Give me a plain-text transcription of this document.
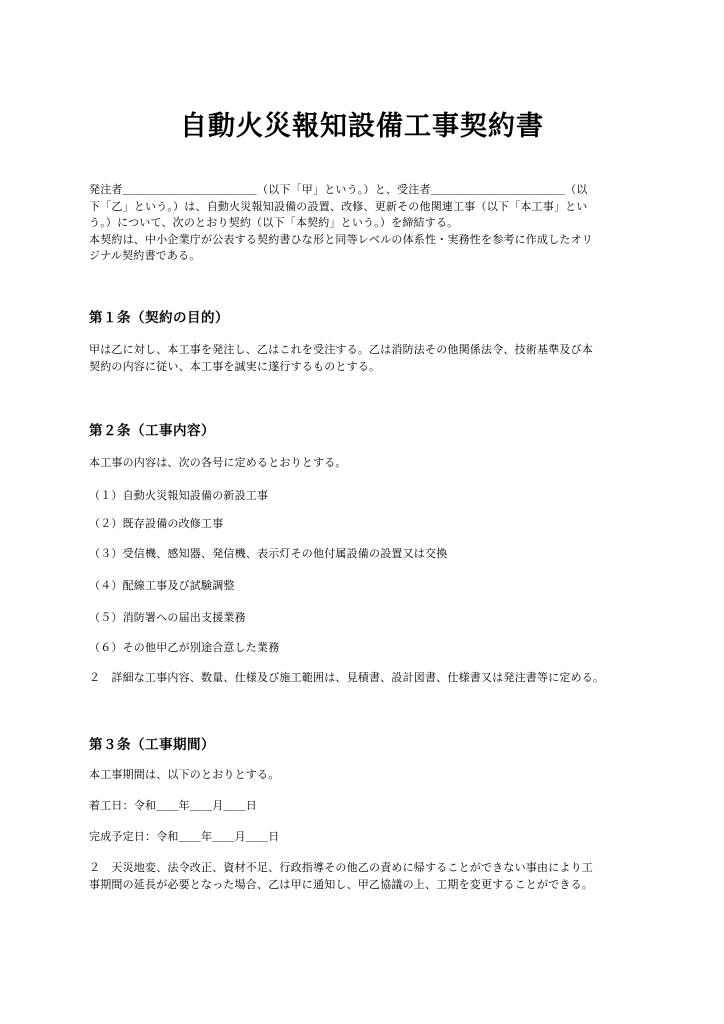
自動火災報知設備工事契約書
発注者＿＿＿＿＿＿＿＿＿＿＿＿（以下「甲」という。）と、受注者＿＿＿＿＿＿＿＿＿＿＿＿（以
下「乙」という。）は、自動火災報知設備の設置、改修、更新その他関連工事（以下「本工事」とい
う。）について、次のとおり契約（以下「本契約」という。）を締結する。
本契約は、中小企業庁が公表する契約書ひな形と同等レベルの体系性・実務性を参考に作成したオリ
ジナル契約書である。
第１条（契約の目的）
甲は乙に対し、本工事を発注し、乙はこれを受注する。乙は消防法その他関係法令、技術基準及び本
契約の内容に従い、本工事を誠実に遂行するものとする。
第２条（工事内容）
本工事の内容は、次の各号に定めるとおりとする。
（１）自動火災報知設備の新設工事
（２）既存設備の改修工事
（３）受信機、感知器、発信機、表示灯その他付属設備の設置又は交換
（４）配線工事及び試験調整
（５）消防署への届出支援業務
（６）その他甲乙が別途合意した業務
２　詳細な工事内容、数量、仕様及び施工範囲は、見積書、設計図書、仕様書又は発注書等に定める。
第３条（工事期間）
本工事期間は、以下のとおりとする。
着工日：令和＿＿年＿＿月＿＿日
完成予定日：令和＿＿年＿＿月＿＿日
２　天災地変、法令改正、資材不足、行政指導その他乙の責めに帰することができない事由により工
事期間の延長が必要となった場合、乙は甲に通知し、甲乙協議の上、工期を変更することができる。
